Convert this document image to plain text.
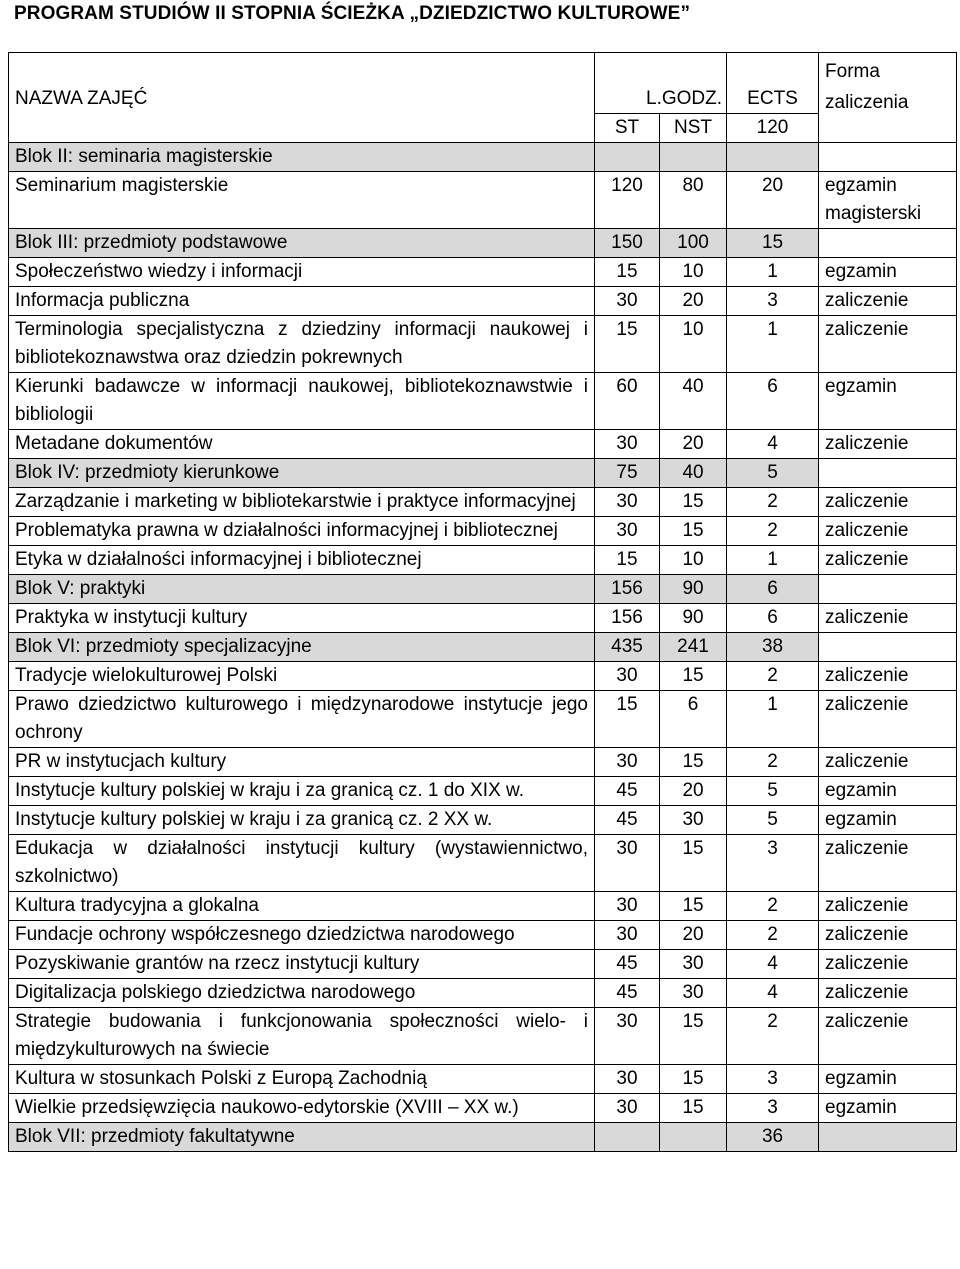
PROGRAM STUDIÓW II STOPNIA ŚCIEŻKA „DZIEDZICTWO KULTUROWE”
NAZWA ZAJĘĆ	L.GODZ.		ECTS	Forma zaliczenia
	ST	NST	120	
Blok II: seminaria magisterskie				
Seminarium magisterskie	120	80	20	egzamin magisterski
Blok III: przedmioty podstawowe	150	100	15	
Społeczeństwo wiedzy i informacji	15	10	1	egzamin
Informacja publiczna	30	20	3	zaliczenie
Terminologia specjalistyczna z dziedziny informacji naukowej i bibliotekoznawstwa oraz dziedzin pokrewnych	15	10	1	zaliczenie
Kierunki badawcze w informacji naukowej, bibliotekoznawstwie i bibliologii	60	40	6	egzamin
Metadane dokumentów	30	20	4	zaliczenie
Blok IV: przedmioty kierunkowe	75	40	5	
Zarządzanie i marketing w bibliotekarstwie i praktyce informacyjnej	30	15	2	zaliczenie
Problematyka prawna w działalności informacyjnej i bibliotecznej	30	15	2	zaliczenie
Etyka w działalności informacyjnej i bibliotecznej	15	10	1	zaliczenie
Blok V: praktyki	156	90	6	
Praktyka w instytucji kultury	156	90	6	zaliczenie
Blok VI: przedmioty specjalizacyjne	435	241	38	
Tradycje wielokulturowej Polski	30	15	2	zaliczenie
Prawo dziedzictwo kulturowego i międzynarodowe instytucje jego ochrony	15	6	1	zaliczenie
PR w instytucjach kultury	30	15	2	zaliczenie
Instytucje kultury polskiej w kraju i za granicą cz. 1 do XIX w.	45	20	5	egzamin
Instytucje kultury polskiej w kraju i za granicą cz. 2 XX w.	45	30	5	egzamin
Edukacja w działalności instytucji kultury (wystawiennictwo, szkolnictwo)	30	15	3	zaliczenie
Kultura tradycyjna a glokalna	30	15	2	zaliczenie
Fundacje ochrony współczesnego dziedzictwa narodowego	30	20	2	zaliczenie
Pozyskiwanie grantów na rzecz instytucji kultury	45	30	4	zaliczenie
Digitalizacja polskiego dziedzictwa narodowego	45	30	4	zaliczenie
Strategie budowania i funkcjonowania społeczności wielo- i międzykulturowych na świecie	30	15	2	zaliczenie
Kultura w stosunkach Polski z Europą Zachodnią	30	15	3	egzamin
Wielkie przedsięwzięcia naukowo-edytorskie (XVIII – XX w.)	30	15	3	egzamin
Blok VII: przedmioty fakultatywne			36	
